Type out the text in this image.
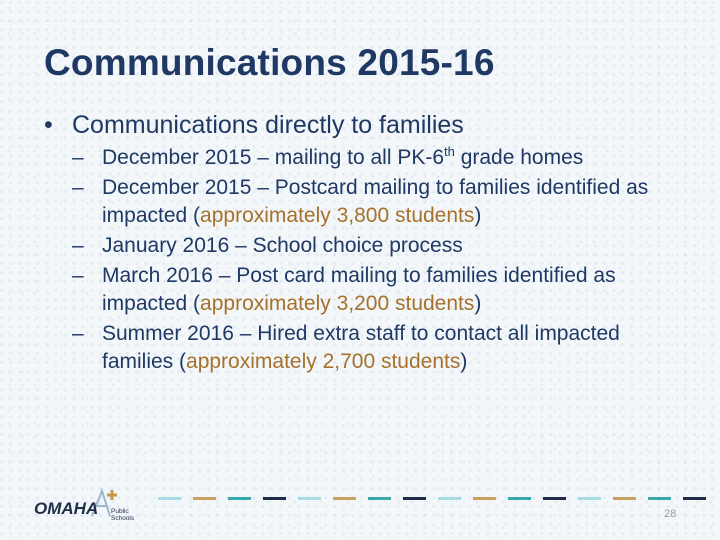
Communications 2015-16
• Communications directly to families
– December 2015 – mailing to all PK-6th grade homes
– December 2015 – Postcard mailing to families identified as impacted (approximately 3,800 students)
– January 2016 – School choice process
– March 2016 – Post card mailing to families identified as impacted (approximately 3,200 students)
– Summer 2016 – Hired extra staff to contact all impacted families (approximately 2,700 students)
OMAHA Public
Schools	28
